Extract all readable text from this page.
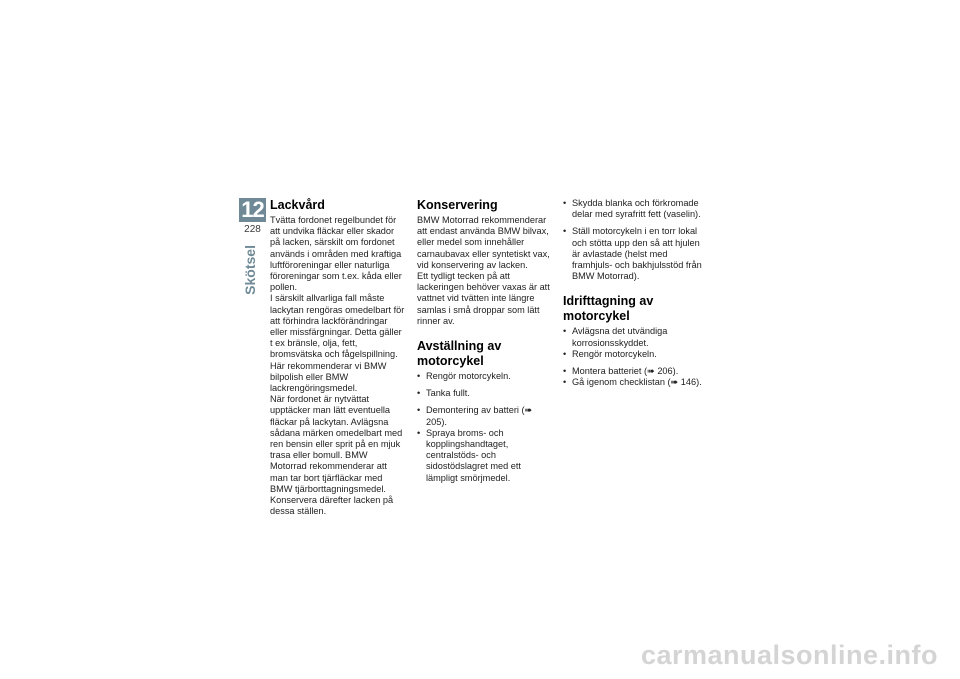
12
228
Skötsel
Lackvård

Tvätta fordonet regelbundet för att undvika fläckar eller skador på lacken, särskilt om fordonet används i områden med kraftiga luftföroreningar eller naturliga föroreningar som t.ex. kåda eller pollen.

I särskilt allvarliga fall måste lackytan rengöras omedelbart för att förhindra lackförändringar eller missfärgningar. Detta gäller t ex bränsle, olja, fett, bromsvätska och fågelspillning. Här rekommenderar vi BMW bilpolish eller BMW lackrengöringsmedel.

När fordonet är nytvättat upptäcker man lätt eventuella fläckar på lackytan. Avlägsna sådana märken omedelbart med ren bensin eller sprit på en mjuk trasa eller bomull. BMW Motorrad rekommenderar att man tar bort tjärfläckar med BMW tjärborttagningsmedel. Konservera därefter lacken på dessa ställen.

Konservering

BMW Motorrad rekommenderar att endast använda BMW bilvax, eller medel som innehåller carnaubavax eller syntetiskt vax, vid konservering av lacken.

Ett tydligt tecken på att lackeringen behöver vaxas är att vattnet vid tvätten inte längre samlas i små droppar som lätt rinner av.

Avställning av motorcykel
• Rengör motorcykeln.
• Tanka fullt.
• Demontering av batteri (➠ 205).
• Spraya broms- och kopplingshandtaget, centralstöds- och sidostödslagret med ett lämpligt smörjmedel.
• Skydda blanka och förkromade delar med syrafritt fett (vaselin).
• Ställ motorcykeln i en torr lokal och stötta upp den så att hjulen är avlastade (helst med framhjuls- och bakhjulsstöd från BMW Motorrad).
Idrifttagning av motorcykel
• Avlägsna det utvändiga korrosionsskyddet.
• Rengör motorcykeln.
• Montera batteriet (➠ 206).
• Gå igenom checklistan (➠ 146).
carmanualsonline.info
